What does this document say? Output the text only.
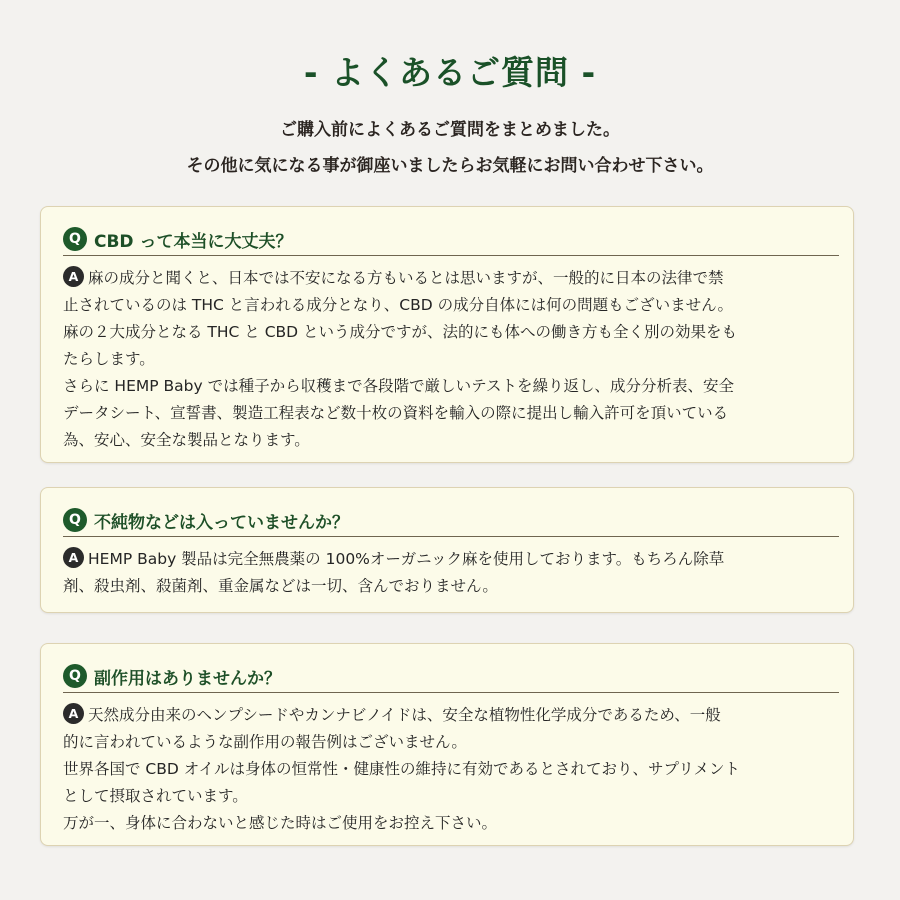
- よくあるご質問 -

ご購入前によくあるご質問をまとめました。

その他に気になる事が御座いましたらお気軽にお問い合わせ下さい。

Q CBD って本当に大丈夫？
A 麻の成分と聞くと、日本では不安になる方もいるとは思いますが、一般的に日本の法律で禁
止されているのは THC と言われる成分となり、CBD の成分自体には何の問題もございません。
麻の２大成分となる THC と CBD という成分ですが、法的にも体への働き方も全く別の効果をも
たらします。
さらに HEMP Baby では種子から収穫まで各段階で厳しいテストを繰り返し、成分分析表、安全
データシート、宣誓書、製造工程表など数十枚の資料を輸入の際に提出し輸入許可を頂いている
為、安心、安全な製品となります。
Q 不純物などは入っていませんか？
A HEMP Baby 製品は完全無農薬の 100%オーガニック麻を使用しております。もちろん除草
剤、殺虫剤、殺菌剤、重金属などは一切、含んでおりません。
Q 副作用はありませんか？
A 天然成分由来のヘンプシードやカンナビノイドは、安全な植物性化学成分であるため、一般
的に言われているような副作用の報告例はございません。
世界各国で CBD オイルは身体の恒常性・健康性の維持に有効であるとされており、サプリメント
として摂取されています。
万が一、身体に合わないと感じた時はご使用をお控え下さい。
